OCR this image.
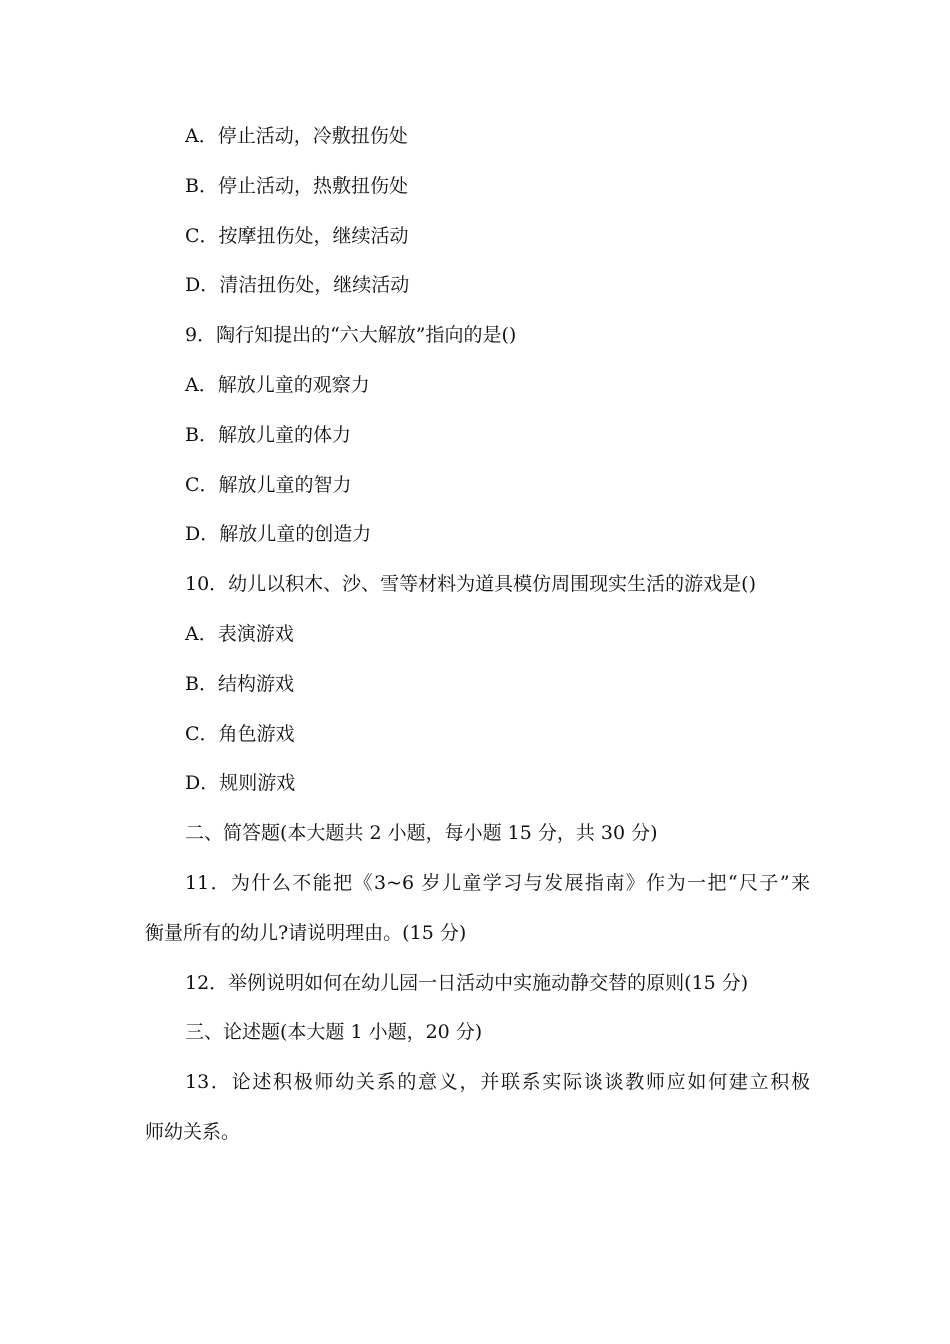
A．停止活动，冷敷扭伤处
B．停止活动，热敷扭伤处
C．按摩扭伤处，继续活动
D．清洁扭伤处，继续活动
9．陶行知提出的“六大解放”指向的是()
A．解放儿童的观察力
B．解放儿童的体力
C．解放儿童的智力
D．解放儿童的创造力
10．幼儿以积木、沙、雪等材料为道具模仿周围现实生活的游戏是()
A．表演游戏
B．结构游戏
C．角色游戏
D．规则游戏
二、简答题(本大题共 2 小题，每小题 15 分，共 30 分)
11．为什么不能把《3~6 岁儿童学习与发展指南》作为一把“尺子”来
衡量所有的幼儿?请说明理由。(15 分)
12．举例说明如何在幼儿园一日活动中实施动静交替的原则(15 分)
三、论述题(本大题 1 小题，20 分)
13．论述积极师幼关系的意义，并联系实际谈谈教师应如何建立积极
师幼关系。
